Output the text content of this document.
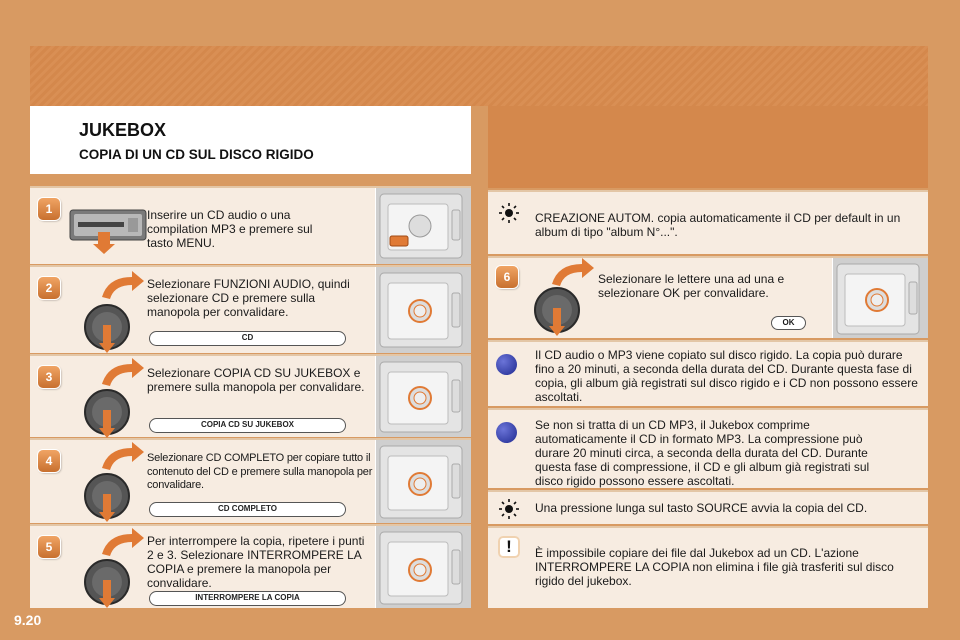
JUKEBOX
COPIA DI UN CD SUL DISCO RIGIDO
1	Inserire un CD audio o una compilation MP3 e premere sul tasto MENU.
2	Selezionare FUNZIONI AUDIO, quindi selezionare CD e premere sulla manopola per convalidare.
CD
3	Selezionare COPIA CD SU JUKEBOX e premere sulla manopola per convalidare.
COPIA CD SU JUKEBOX
4	Selezionare CD COMPLETO per copiare tutto il contenuto del CD e premere sulla manopola per convalidare.
CD COMPLETO
5	Per interrompere la copia, ripetere i punti 2 e 3. Selezionare INTERROMPERE LA COPIA e premere la manopola per convalidare.
INTERROMPERE LA COPIA
CREAZIONE AUTOM. copia automaticamente il CD per default in un album di tipo "album N°...".
6	Selezionare le lettere una ad una e selezionare OK per convalidare.
OK
Il CD audio o MP3 viene copiato sul disco rigido. La copia può durare fino a 20 minuti, a seconda della durata del CD. Durante questa fase di copia, gli album già registrati sul disco rigido e i CD non possono essere ascoltati.
Se non si tratta di un CD MP3, il Jukebox comprime automaticamente il CD in formato MP3. La compressione può durare 20 minuti circa, a seconda della durata del CD. Durante questa fase di compressione, il CD e gli album già registrati sul disco rigido possono essere ascoltati.
Una pressione lunga sul tasto SOURCE avvia la copia del CD.
!	È impossibile copiare dei file dal Jukebox ad un CD. L'azione INTERROMPERE LA COPIA non elimina i file già trasferiti sul disco rigido del jukebox.
9.20
